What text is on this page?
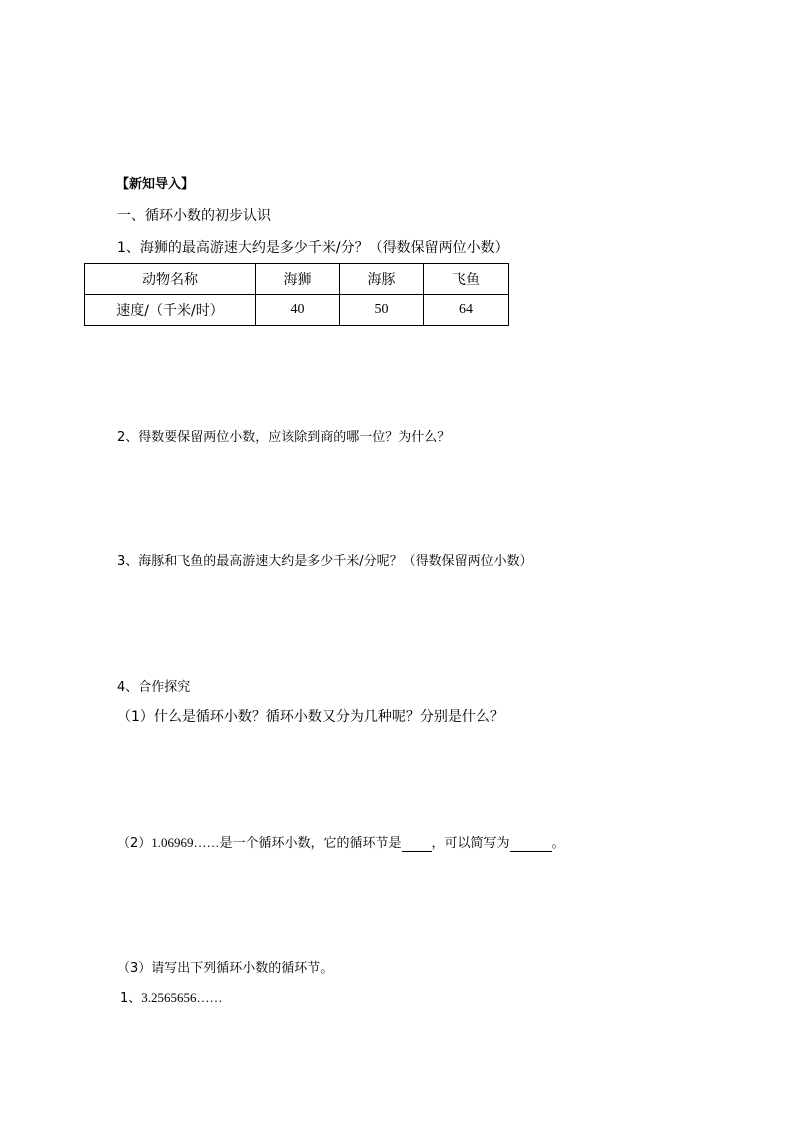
【新知导入】
一、循环小数的初步认识
1、海狮的最高游速大约是多少千米/分？（得数保留两位小数）
动物名称	海狮	海豚	飞鱼
速度/（千米/时）	40	50	64
2、得数要保留两位小数，应该除到商的哪一位？为什么？
3、海豚和飞鱼的最高游速大约是多少千米/分呢？（得数保留两位小数）
4、合作探究
（1）什么是循环小数？循环小数又分为几种呢？分别是什么？
（2）1.06969……是一个循环小数，它的循环节是 ，可以简写为	。
（3）请写出下列循环小数的循环节。
1、3.2565656……
